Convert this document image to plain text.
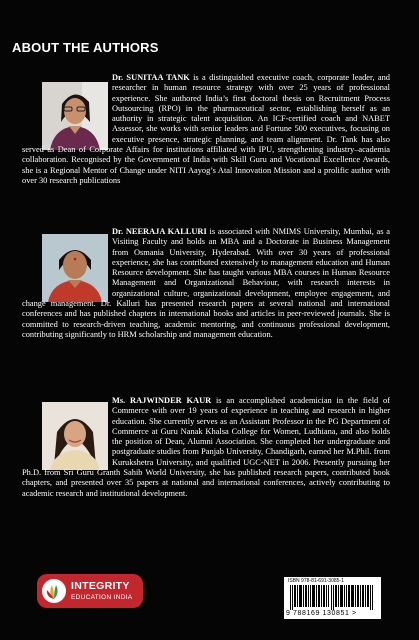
ABOUT THE AUTHORS

Dr. SUNITAA TANK is a distinguished executive coach, corporate leader, and researcher in human resource strategy with over 25 years of professional experience. She authored India’s first doctoral thesis on Recruitment Process Outsourcing (RPO) in the pharmaceutical sector, establishing herself as an authority in strategic talent acquisition. An ICF-certified coach and NABET Assessor, she works with senior leaders and Fortune 500 executives, focusing on executive presence, strategic planning, and team alignment. Dr. Tank has also served as Dean of Corporate Affairs for institutions affiliated with IPU, strengthening industry–academia collaboration. Recognised by the Government of India with Skill Guru and Vocational Excellence Awards, she is a Regional Mentor of Change under NITI Aayog’s Atal Innovation Mission and a prolific author with over 30 research publications

Dr. NEERAJA KALLURI is associated with NMIMS University, Mumbai, as a Visiting Faculty and holds an MBA and a Doctorate in Business Management from Osmania University, Hyderabad. With over 30 years of professional experience, she has contributed extensively to management education and Human Resource development. She has taught various MBA courses in Human Resource Management and Organizational Behaviour, with research interests in organizational culture, organizational development, employee engagement, and change management. Dr. Kalluri has presented research papers at several national and international conferences and has published chapters in international books and articles in peer-reviewed journals. She is committed to research-driven teaching, academic mentoring, and continuous professional development, contributing significantly to HRM scholarship and management education.

Ms. RAJWINDER KAUR is an accomplished academician in the field of Commerce with over 19 years of experience in teaching and research in higher education. She currently serves as an Assistant Professor in the PG Department of Commerce at Guru Nanak Khalsa College for Women, Ludhiana, and also holds the position of Dean, Alumni Association. She completed her undergraduate and postgraduate studies from Panjab University, Chandigarh, earned her M.Phil. from Kurukshetra University, and qualified UGC-NET in 2006. Presently pursuing her Ph.D. from Sri Guru Granth Sahib World University, she has published research papers, contributed book chapters, and presented over 35 papers at national and international conferences, actively contributing to academic research and institutional development.

INTEGRITY
EDUCATION INDIA
ISBN 978-81-691-3085-1
9 788169 130851 >
